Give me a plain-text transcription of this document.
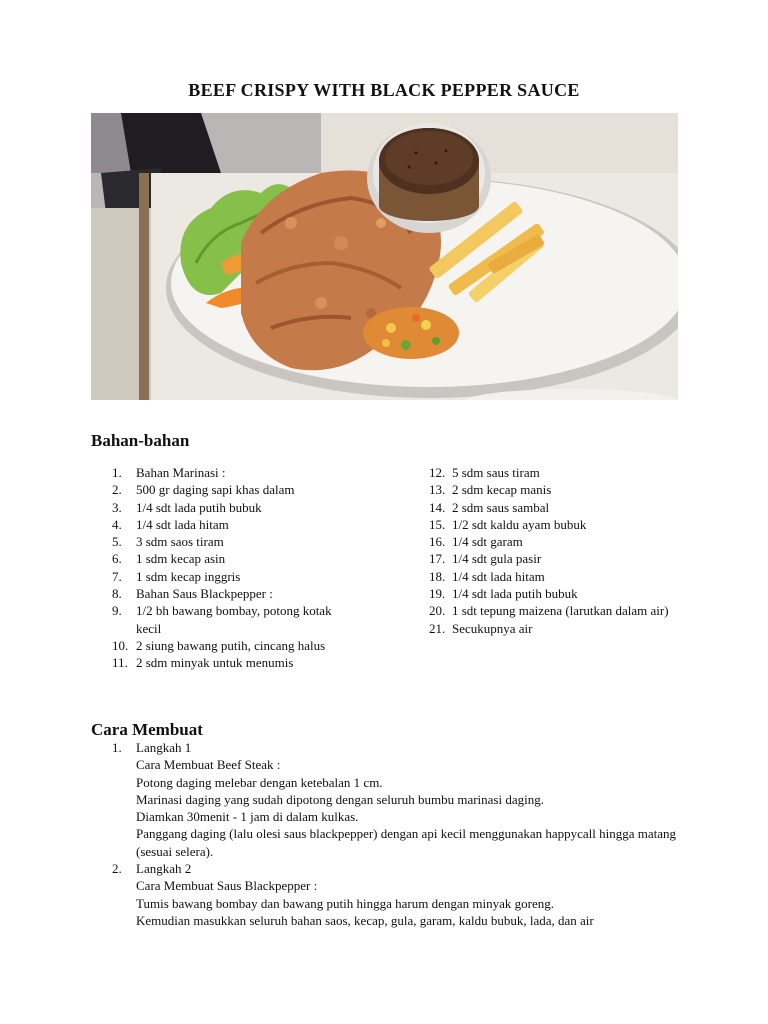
BEEF CRISPY WITH BLACK PEPPER SAUCE
Bahan-bahan
1. Bahan Marinasi :
2. 500 gr daging sapi khas dalam
3. 1/4 sdt lada putih bubuk
4. 1/4 sdt lada hitam
5. 3 sdm saos tiram
6. 1 sdm kecap asin
7. 1 sdm kecap inggris
8. Bahan Saus Blackpepper :
9. 1/2 bh bawang bombay, potong kotak kecil
10. 2 siung bawang putih, cincang halus
11. 2 sdm minyak untuk menumis
12. 5 sdm saus tiram
13. 2 sdm kecap manis
14. 2 sdm saus sambal
15. 1/2 sdt kaldu ayam bubuk
16. 1/4 sdt garam
17. 1/4 sdt gula pasir
18. 1/4 sdt lada hitam
19. 1/4 sdt lada putih bubuk
20. 1 sdt tepung maizena (larutkan dalam air)
21. Secukupnya air
Cara Membuat
1. Langkah 1
Cara Membuat Beef Steak :
Potong daging melebar dengan ketebalan 1 cm.
Marinasi daging yang sudah dipotong dengan seluruh bumbu marinasi daging.
Diamkan 30menit - 1 jam di dalam kulkas.
Panggang daging (lalu olesi saus blackpepper) dengan api kecil menggunakan happycall hingga matang (sesuai selera).
2. Langkah 2
Cara Membuat Saus Blackpepper :
Tumis bawang bombay dan bawang putih hingga harum dengan minyak goreng.
Kemudian masukkan seluruh bahan saos, kecap, gula, garam, kaldu bubuk, lada, dan air
